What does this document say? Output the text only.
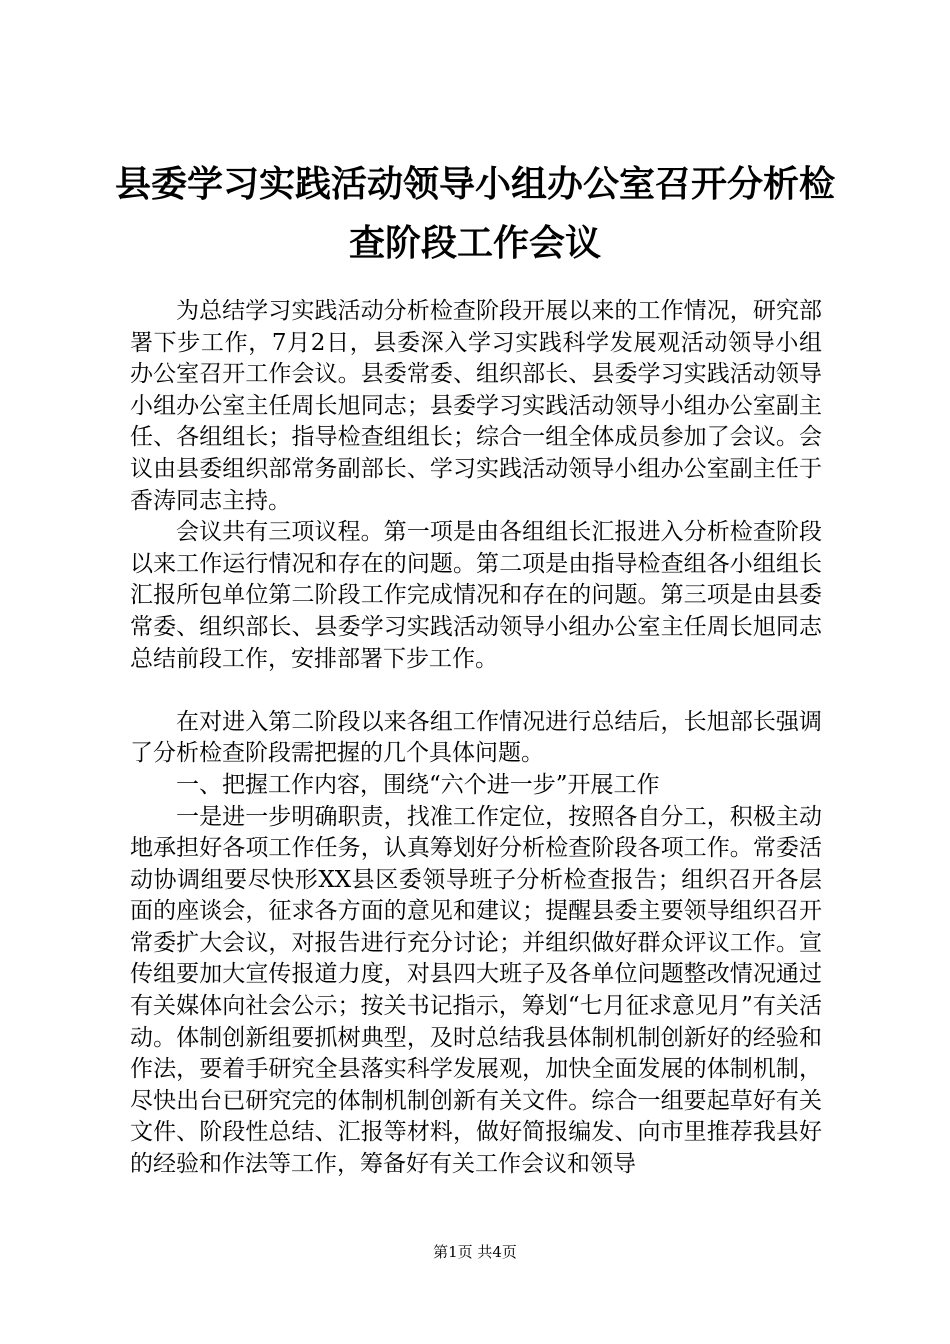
县委学习实践活动领导小组办公室召开分析检
查阶段工作会议

为总结学习实践活动分析检查阶段开展以来的工作情况，研究部署下步工作，7月2日，县委深入学习实践科学发展观活动领导小组办公室召开工作会议。县委常委、组织部长、县委学习实践活动领导小组办公室主任周长旭同志；县委学习实践活动领导小组办公室副主任、各组组长；指导检查组组长；综合一组全体成员参加了会议。会议由县委组织部常务副部长、学习实践活动领导小组办公室副主任于香涛同志主持。

会议共有三项议程。第一项是由各组组长汇报进入分析检查阶段以来工作运行情况和存在的问题。第二项是由指导检查组各小组组长汇报所包单位第二阶段工作完成情况和存在的问题。第三项是由县委常委、组织部长、县委学习实践活动领导小组办公室主任周长旭同志总结前段工作，安排部署下步工作。

在对进入第二阶段以来各组工作情况进行总结后，长旭部长强调了分析检查阶段需把握的几个具体问题。

一、把握工作内容，围绕“六个进一步”开展工作

一是进一步明确职责，找准工作定位，按照各自分工，积极主动地承担好各项工作任务，认真筹划好分析检查阶段各项工作。常委活动协调组要尽快形XX县区委领导班子分析检查报告；组织召开各层面的座谈会，征求各方面的意见和建议；提醒县委主要领导组织召开常委扩大会议，对报告进行充分讨论；并组织做好群众评议工作。宣传组要加大宣传报道力度，对县四大班子及各单位问题整改情况通过有关媒体向社会公示；按关书记指示，筹划“七月征求意见月”有关活动。体制创新组要抓树典型，及时总结我县体制机制创新好的经验和作法，要着手研究全县落实科学发展观，加快全面发展的体制机制，尽快出台已研究完的体制机制创新有关文件。综合一组要起草好有关文件、阶段性总结、汇报等材料，做好简报编发、向市里推荐我县好的经验和作法等工作，筹备好有关工作会议和领导

第1页 共4页
